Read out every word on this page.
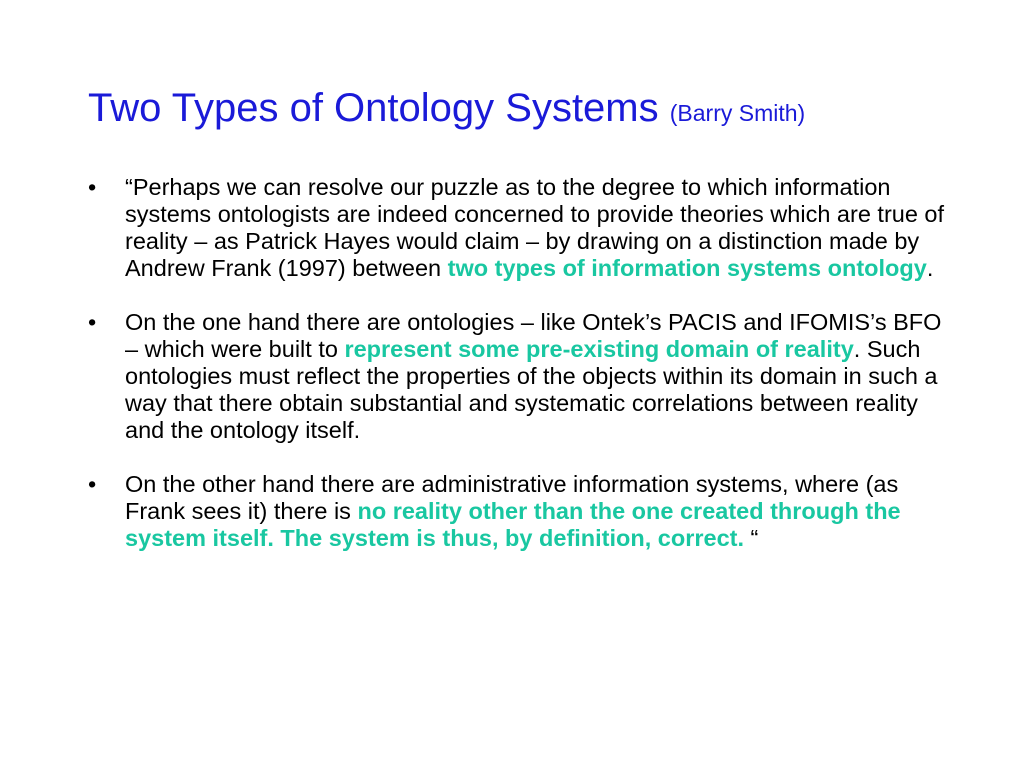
Two Types of Ontology Systems (Barry Smith)
• “Perhaps we can resolve our puzzle as to the degree to which information systems ontologists are indeed concerned to provide theories which are true of reality – as Patrick Hayes would claim – by drawing on a distinction made by Andrew Frank (1997) between two types of information systems ontology.
• On the one hand there are ontologies – like Ontek’s PACIS and IFOMIS’s BFO – which were built to represent some pre-existing domain of reality. Such ontologies must reflect the properties of the objects within its domain in such a way that there obtain substantial and systematic correlations between reality and the ontology itself.
• On the other hand there are administrative information systems, where (as Frank sees it) there is no reality other than the one created through the system itself. The system is thus, by definition, correct. “
